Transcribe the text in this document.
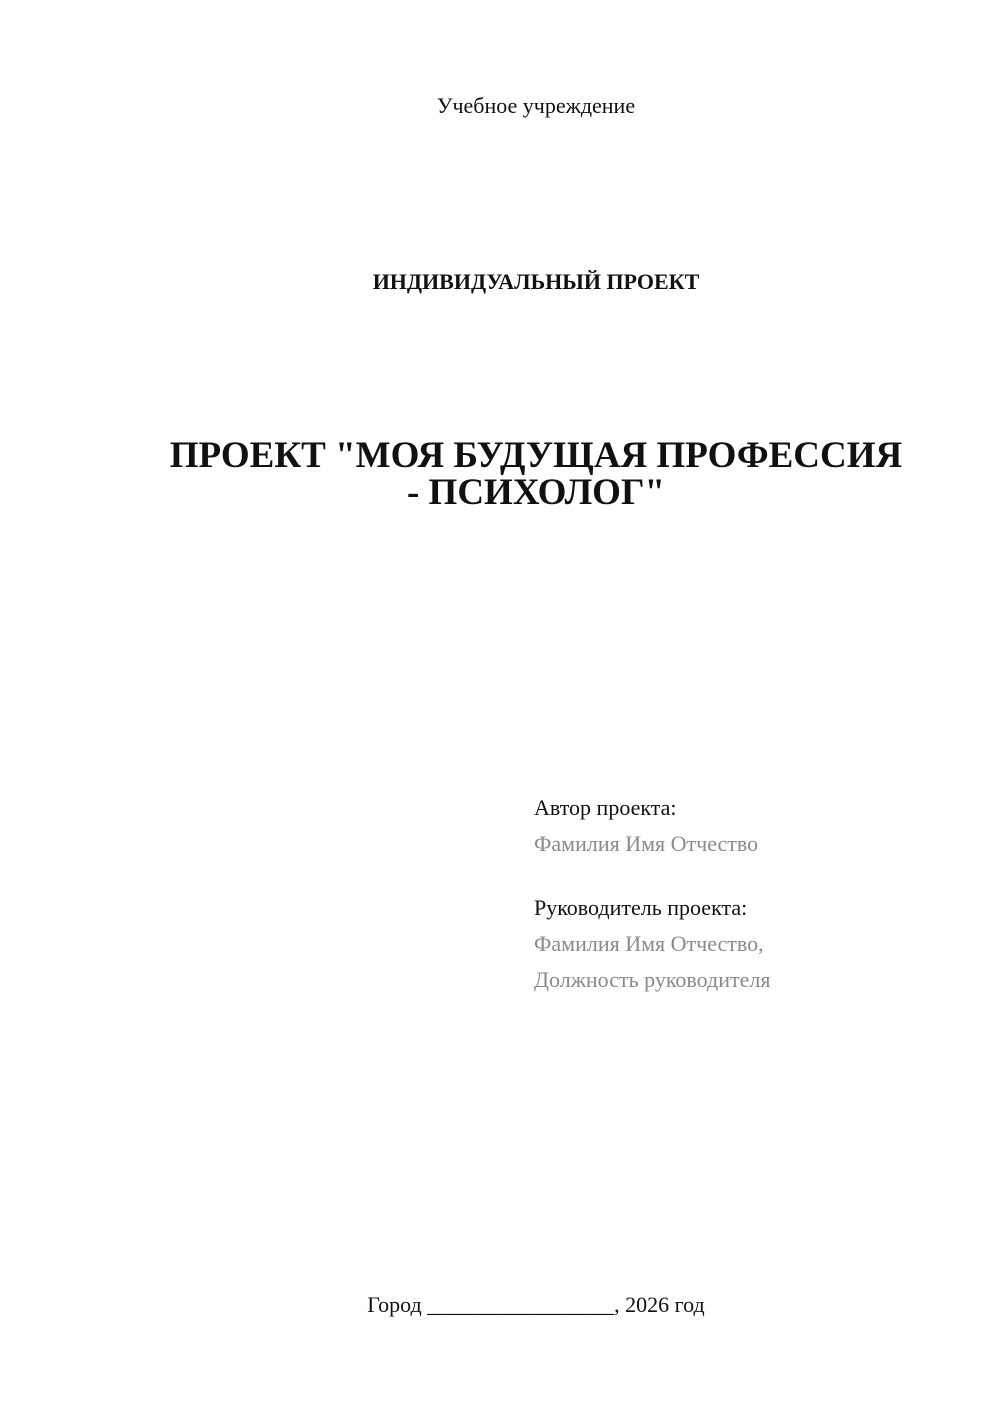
Учебное учреждение
ИНДИВИДУАЛЬНЫЙ ПРОЕКТ
ПРОЕКТ "МОЯ БУДУЩАЯ ПРОФЕССИЯ
- ПСИХОЛОГ"
Автор проекта:
Фамилия Имя Отчество
Руководитель проекта:
Фамилия Имя Отчество,
Должность руководителя
Город _________________, 2026 год
